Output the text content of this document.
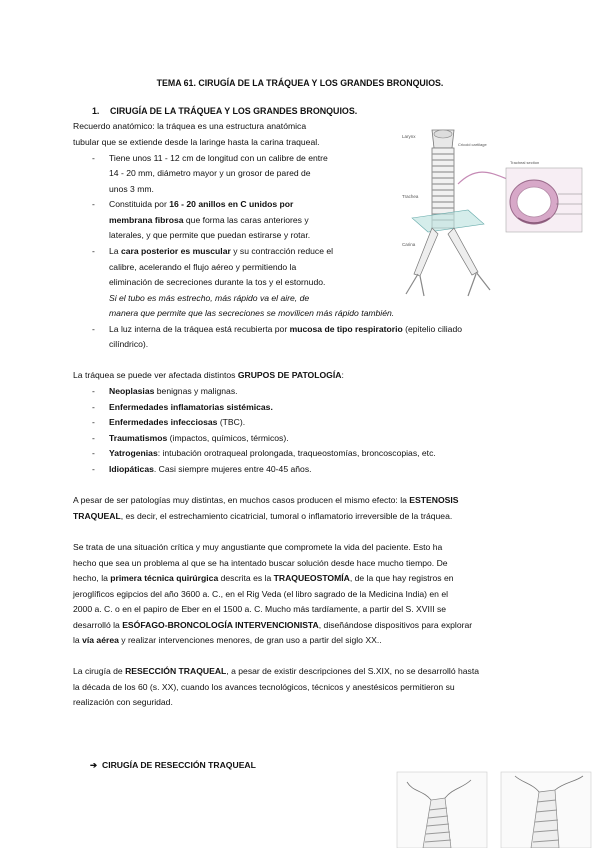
TEMA 61. CIRUGÍA DE LA TRÁQUEA Y LOS GRANDES BRONQUIOS.
1. CIRUGÍA DE LA TRÁQUEA Y LOS GRANDES BRONQUIOS.
Recuerdo anatómico: la tráquea es una estructura anatómica
tubular que se extiende desde la laringe hasta la carina traqueal.
-	Tiene unos 11 - 12 cm de longitud con un calibre de entre
14 - 20 mm, diámetro mayor y un grosor de pared de
unos 3 mm.
-	Constituida por 16 - 20 anillos en C unidos por
membrana fibrosa que forma las caras anteriores y
laterales, y que permite que puedan estirarse y rotar.
-	La cara posterior es muscular y su contracción reduce el
calibre, acelerando el flujo aéreo y permitiendo la
eliminación de secreciones durante la tos y el estornudo.
Si el tubo es más estrecho, más rápido va el aire, de
manera que permite que las secreciones se movilicen más rápido también.
-	La luz interna de la tráquea está recubierta por mucosa de tipo respiratorio (epitelio ciliado
cilíndrico).
Larynx
Trachea
Cricoid cartilage
Carina
Tracheal section
La tráquea se puede ver afectada distintos GRUPOS DE PATOLOGÍA:
-	Neoplasias benignas y malignas.
-	Enfermedades inflamatorias sistémicas.
-	Enfermedades infecciosas (TBC).
-	Traumatismos (impactos, químicos, térmicos).
-	Yatrogenias: intubación orotraqueal prolongada, traqueostomías, broncoscopias, etc.
-	Idiopáticas. Casi siempre mujeres entre 40-45 años.
A pesar de ser patologías muy distintas, en muchos casos producen el mismo efecto: la ESTENOSIS
TRAQUEAL, es decir, el estrechamiento cicatricial, tumoral o inflamatorio irreversible de la tráquea.
Se trata de una situación crítica y muy angustiante que compromete la vida del paciente. Esto ha
hecho que sea un problema al que se ha intentado buscar solución desde hace mucho tiempo. De
hecho, la primera técnica quirúrgica descrita es la TRAQUEOSTOMÍA, de la que hay registros en
jeroglíficos egipcios del año 3600 a. C., en el Rig Veda (el libro sagrado de la Medicina India) en el
2000 a. C. o en el papiro de Eber en el 1500 a. C. Mucho más tardíamente, a partir del S. XVIII se
desarrolló la ESÓFAGO-BRONCOLOGÍA INTERVENCIONISTA, diseñándose dispositivos para explorar
la vía aérea y realizar intervenciones menores, de gran uso a partir del siglo XX..
La cirugía de RESECCIÓN TRAQUEAL, a pesar de existir descripciones del S.XIX, no se desarrolló hasta
la década de los 60 (s. XX), cuando los avances tecnológicos, técnicos y anestésicos permitieron su
realización con seguridad.
➔ CIRUGÍA DE RESECCIÓN TRAQUEAL
